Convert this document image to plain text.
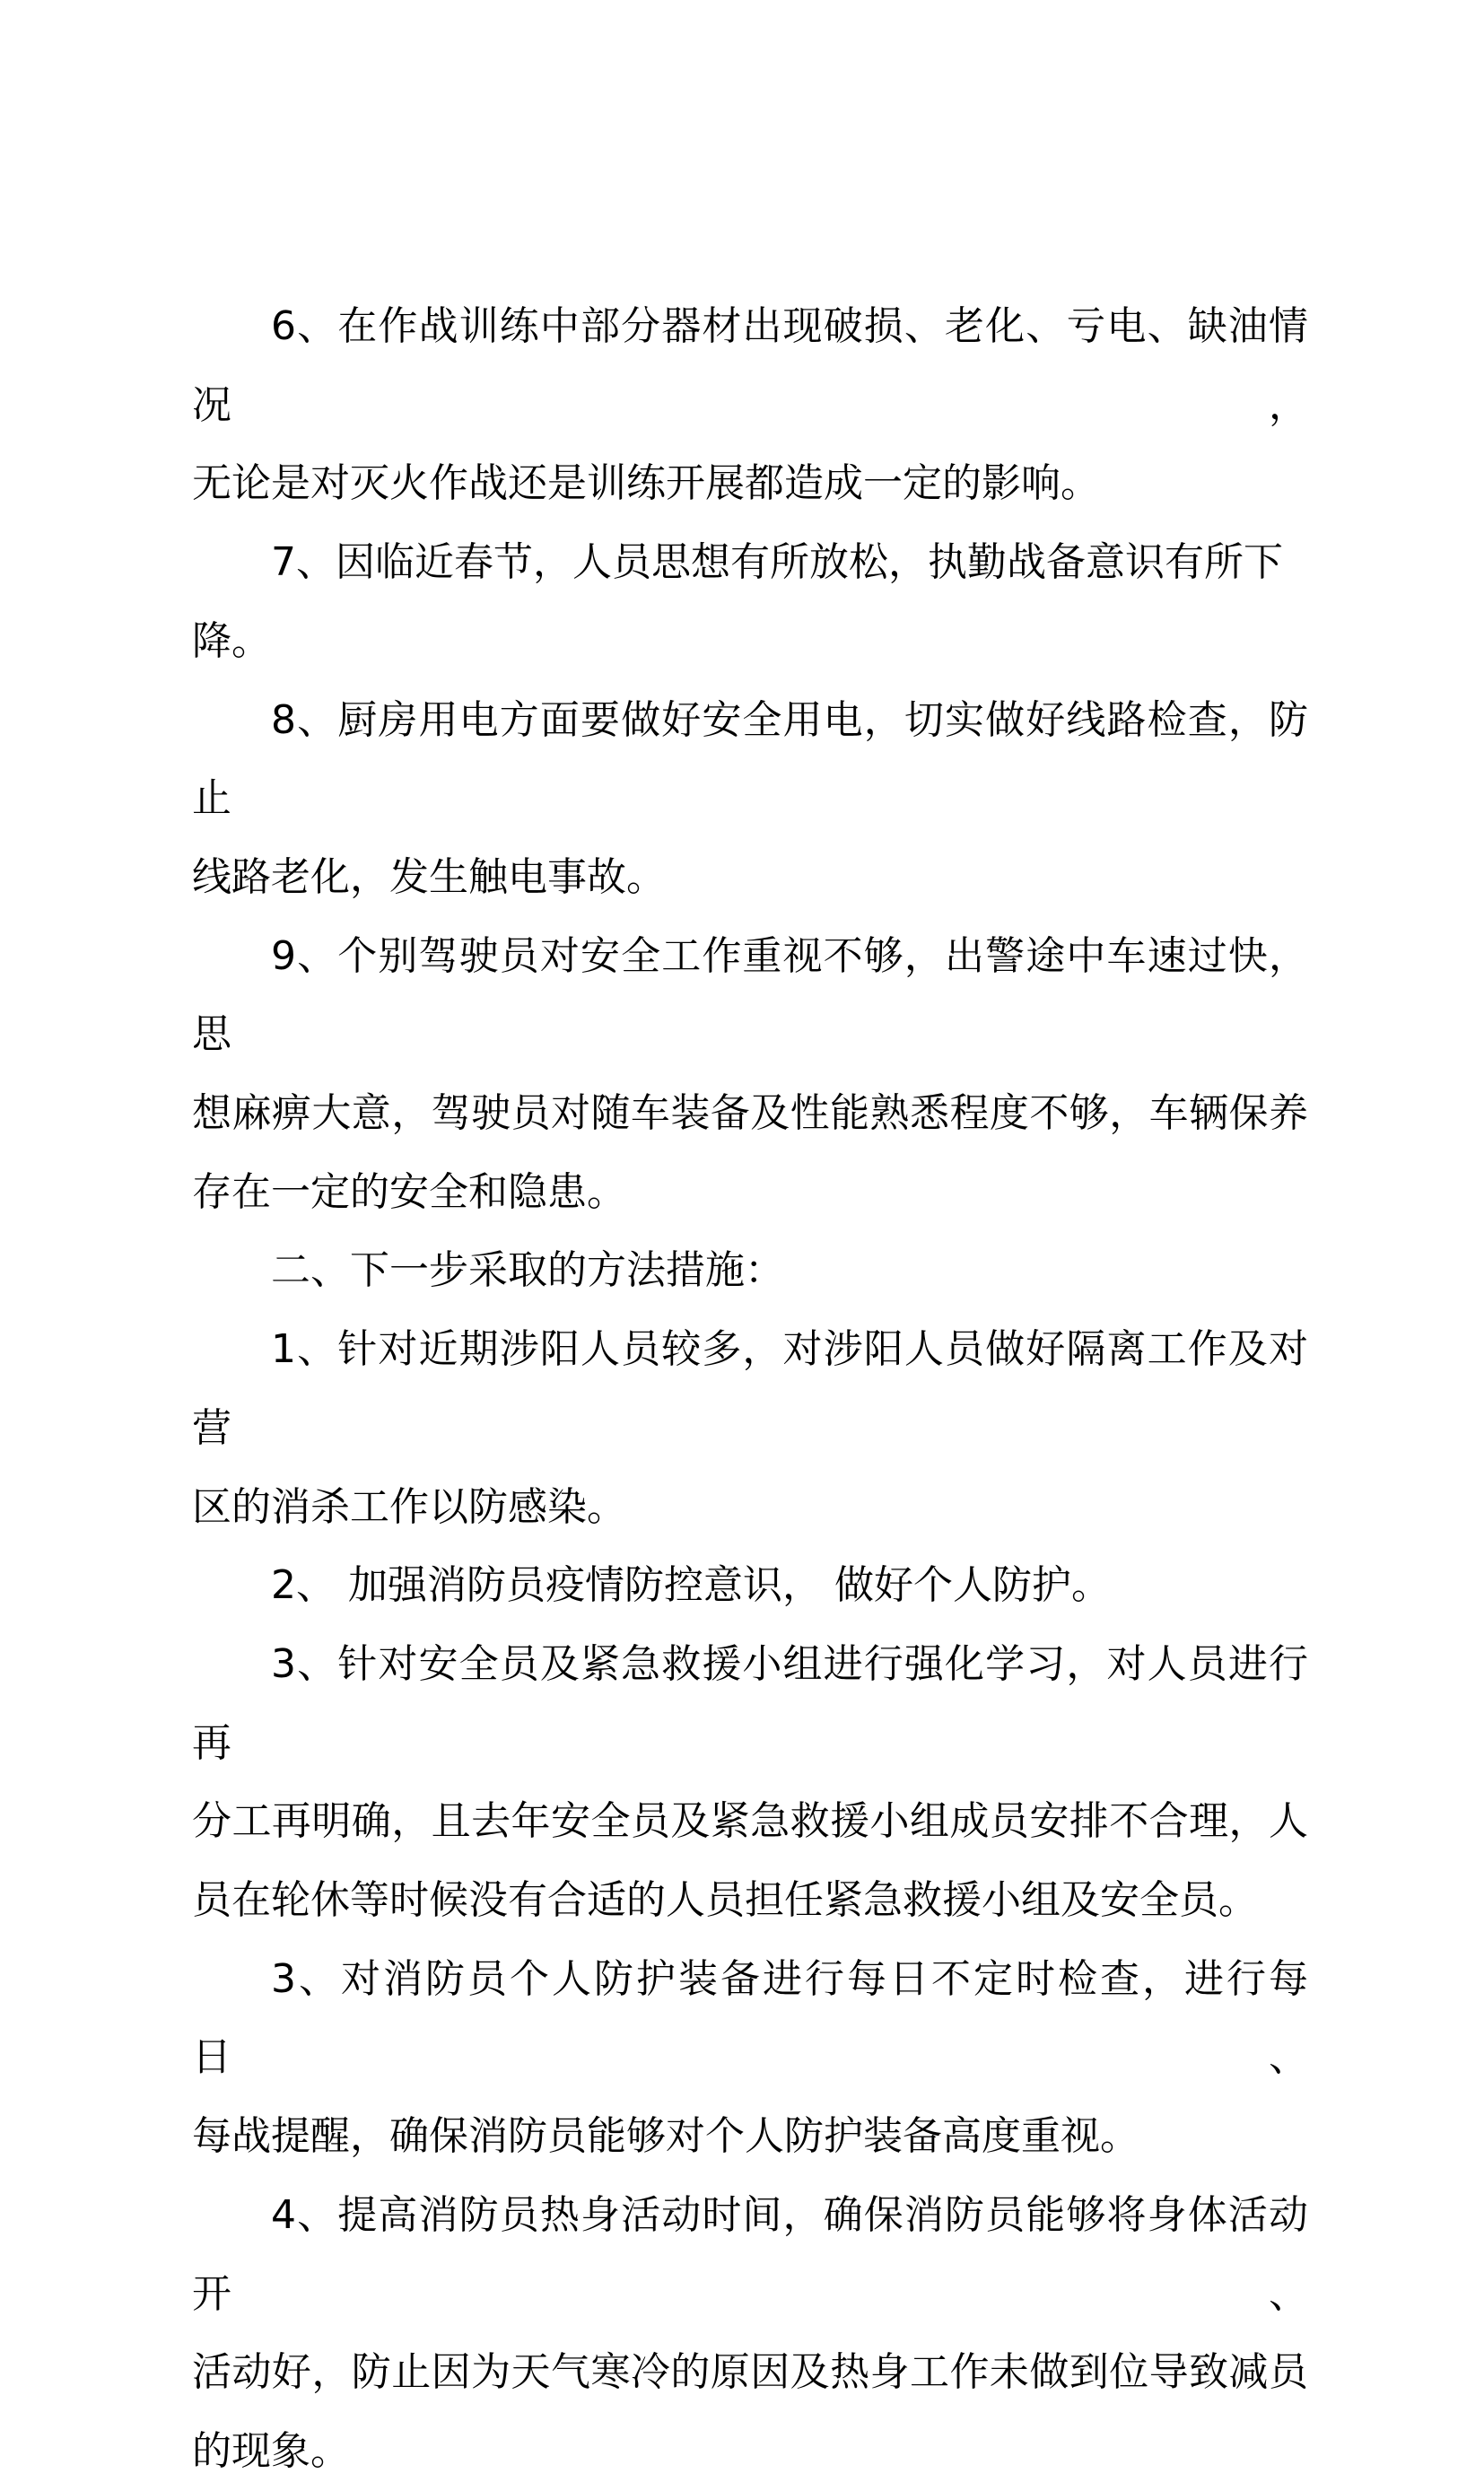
6、在作战训练中部分器材出现破损、老化、亏电、缺油情况，
无论是对灭火作战还是训练开展都造成一定的影响。
7、因临近春节，人员思想有所放松，执勤战备意识有所下降。
8、厨房用电方面要做好安全用电，切实做好线路检查，防止
线路老化，发生触电事故。
9、个别驾驶员对安全工作重视不够，出警途中车速过快，思
想麻痹大意，驾驶员对随车装备及性能熟悉程度不够，车辆保养
存在一定的安全和隐患。
二、下一步采取的方法措施：
1、针对近期涉阳人员较多，对涉阳人员做好隔离工作及对营
区的消杀工作以防感染。
2、 加强消防员疫情防控意识， 做好个人防护。
3、针对安全员及紧急救援小组进行强化学习，对人员进行再
分工再明确，且去年安全员及紧急救援小组成员安排不合理，人
员在轮休等时候没有合适的人员担任紧急救援小组及安全员。
3、对消防员个人防护装备进行每日不定时检查，进行每日、
每战提醒，确保消防员能够对个人防护装备高度重视。
4、提高消防员热身活动时间，确保消防员能够将身体活动开、
活动好，防止因为天气寒冷的原因及热身工作未做到位导致减员
的现象。
